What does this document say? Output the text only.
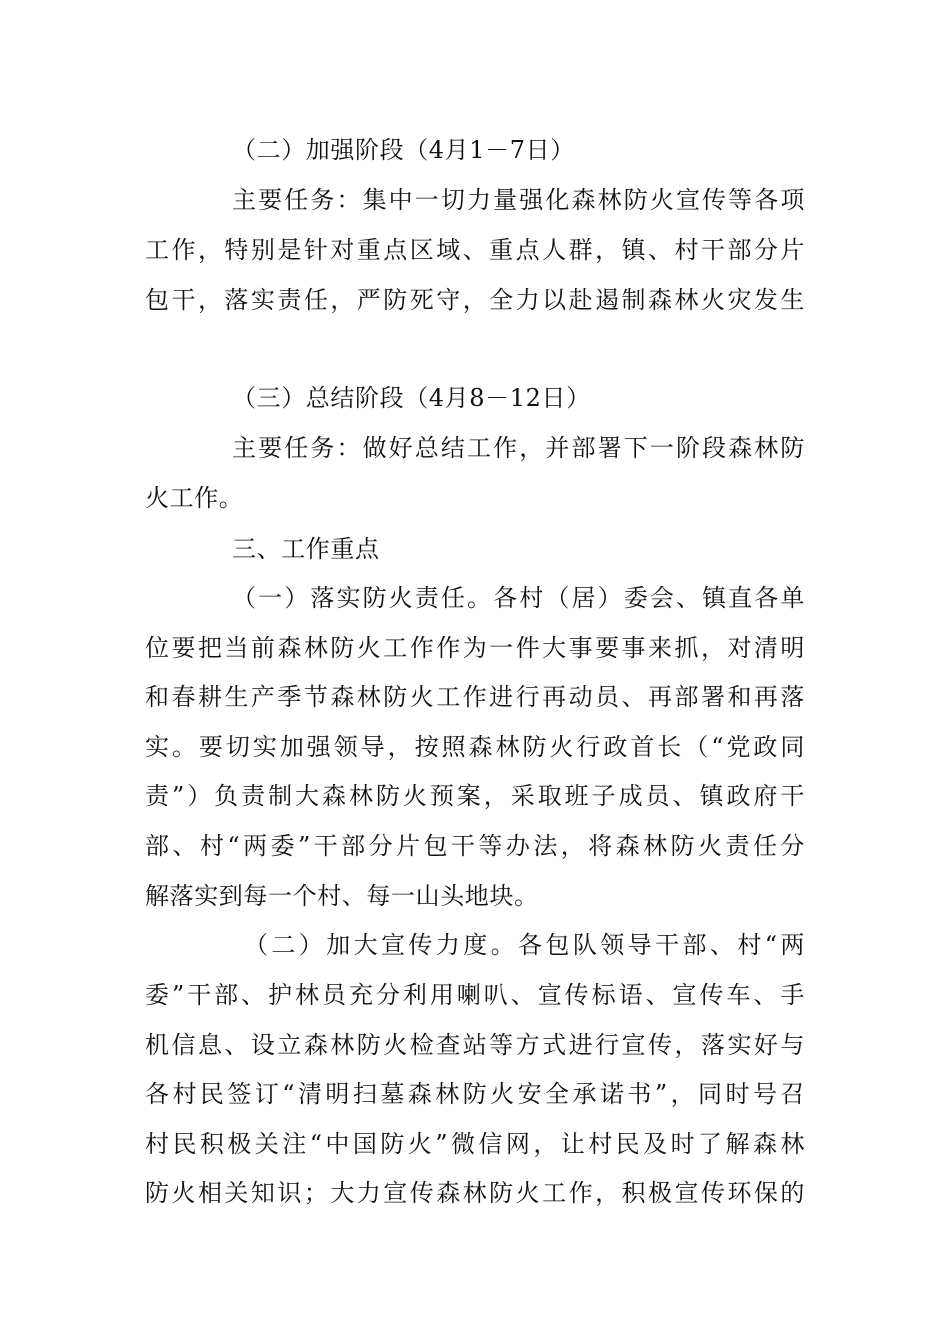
（二）加强阶段（4月1－7日）
主要任务：集中一切力量强化森林防火宣传等各项
工作，特别是针对重点区域、重点人群，镇、村干部分片
包干，落实责任，严防死守，全力以赴遏制森林火灾发生
（三）总结阶段（4月8－12日）
主要任务：做好总结工作，并部署下一阶段森林防
火工作。
三、工作重点
（一）落实防火责任。各村（居）委会、镇直各单
位要把当前森林防火工作作为一件大事要事来抓，对清明
和春耕生产季节森林防火工作进行再动员、再部署和再落
实。要切实加强领导，按照森林防火行政首长（“党政同
责”）负责制大森林防火预案，采取班子成员、镇政府干
部、村“两委”干部分片包干等办法，将森林防火责任分
解落实到每一个村、每一山头地块。
（二）加大宣传力度。各包队领导干部、村“两
委”干部、护林员充分利用喇叭、宣传标语、宣传车、手
机信息、设立森林防火检查站等方式进行宣传，落实好与
各村民签订“清明扫墓森林防火安全承诺书”，同时号召
村民积极关注“中国防火”微信网，让村民及时了解森林
防火相关知识；大力宣传森林防火工作，积极宣传环保的
